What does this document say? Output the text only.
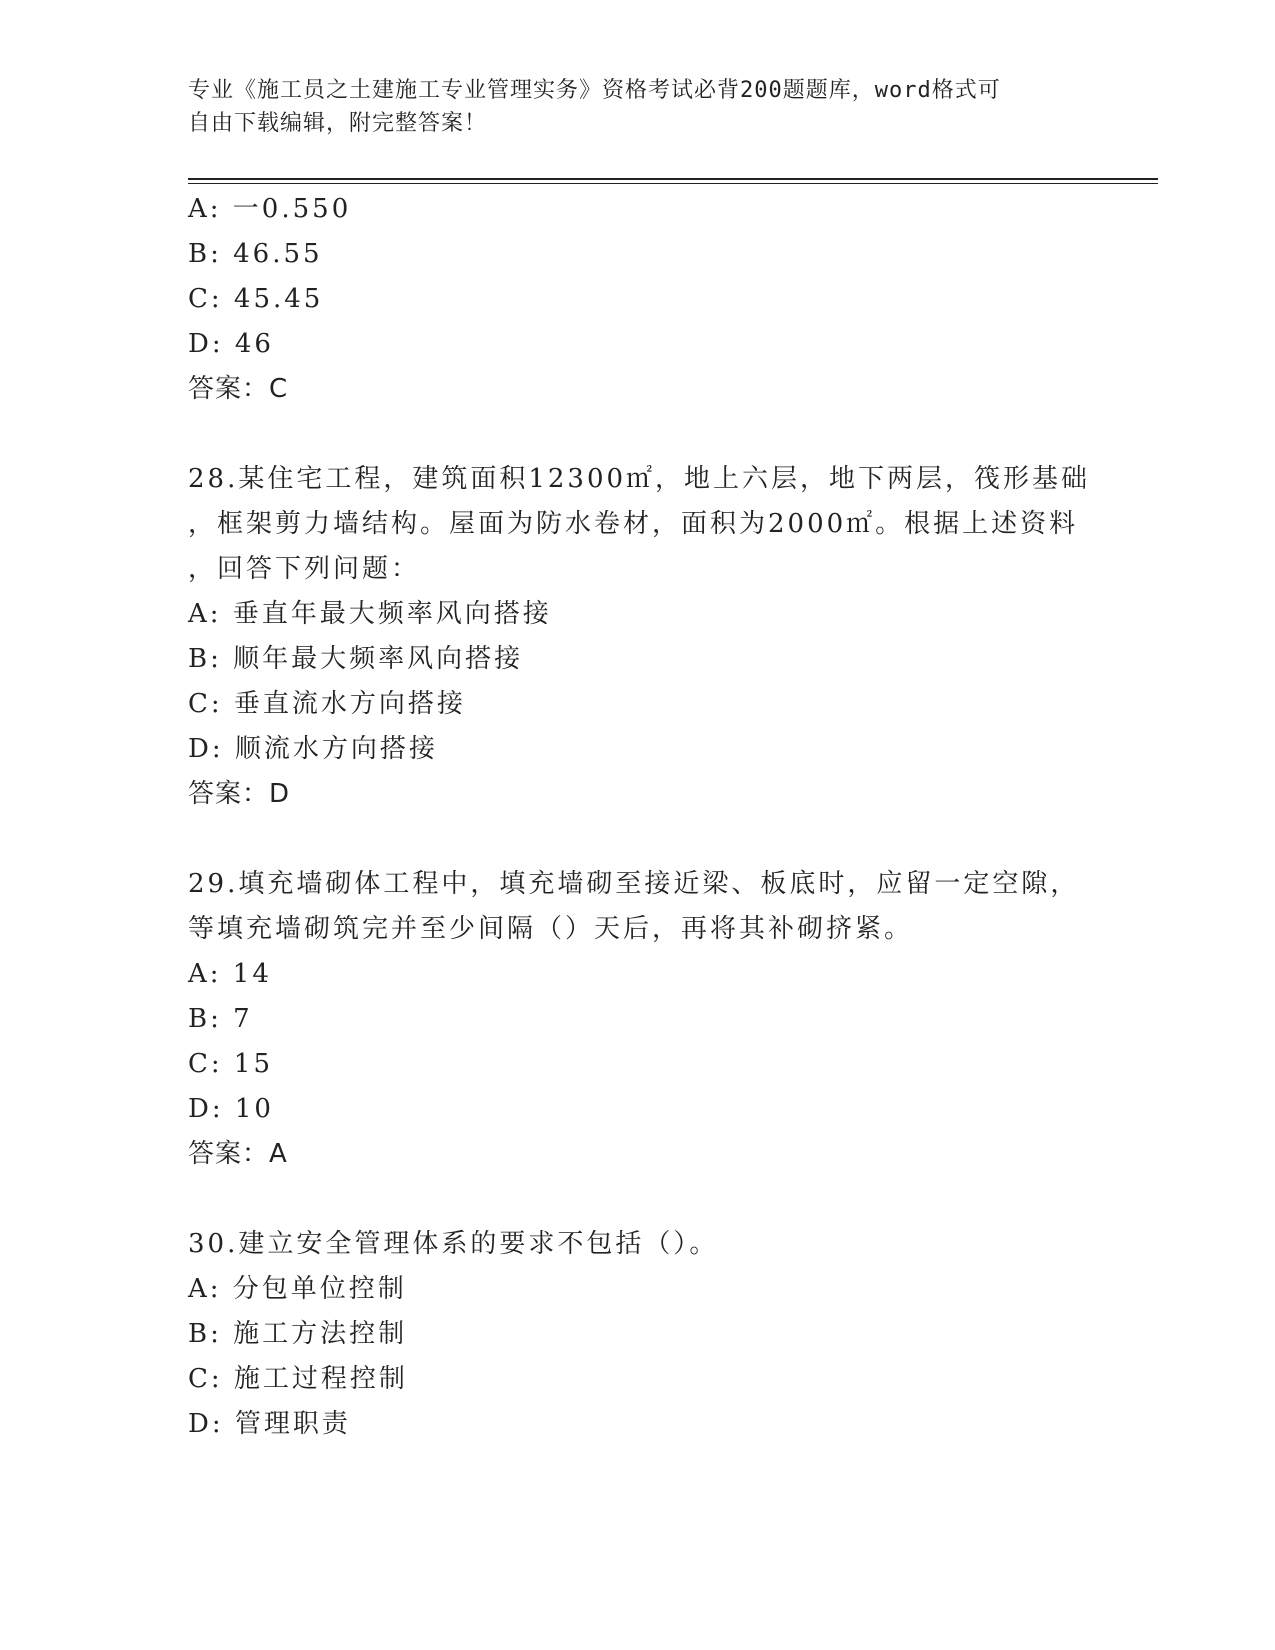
专业《施工员之土建施工专业管理实务》资格考试必背200题题库，word格式可
自由下载编辑，附完整答案！
A: 一0.550
B: 46.55
C: 45.45
D: 46
答案：C
28.某住宅工程，建筑面积12300㎡，地上六层，地下两层，筏形基础
，框架剪力墙结构。屋面为防水卷材，面积为2000㎡。根据上述资料
，回答下列问题：
A: 垂直年最大频率风向搭接
B: 顺年最大频率风向搭接
C: 垂直流水方向搭接
D: 顺流水方向搭接
答案：D
29.填充墙砌体工程中，填充墙砌至接近梁、板底时，应留一定空隙，
等填充墙砌筑完并至少间隔（）天后，再将其补砌挤紧。
A: 14
B: 7
C: 15
D: 10
答案：A
30.建立安全管理体系的要求不包括（）。
A: 分包单位控制
B: 施工方法控制
C: 施工过程控制
D: 管理职责
